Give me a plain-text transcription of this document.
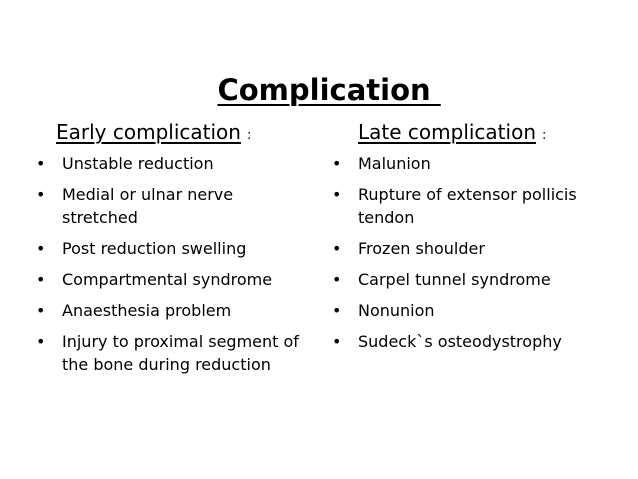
Complication

Early complication :
•	Unstable reduction
•	Medial or ulnar nerve stretched
•	Post reduction swelling
•	Compartmental syndrome
•	Anaesthesia problem
•	Injury to proximal segment of the bone during reduction
Late complication :
•	Malunion
•	Rupture of extensor pollicis tendon
•	Frozen shoulder
•	Carpel tunnel syndrome
•	Nonunion
•	Sudeck`s osteodystrophy
